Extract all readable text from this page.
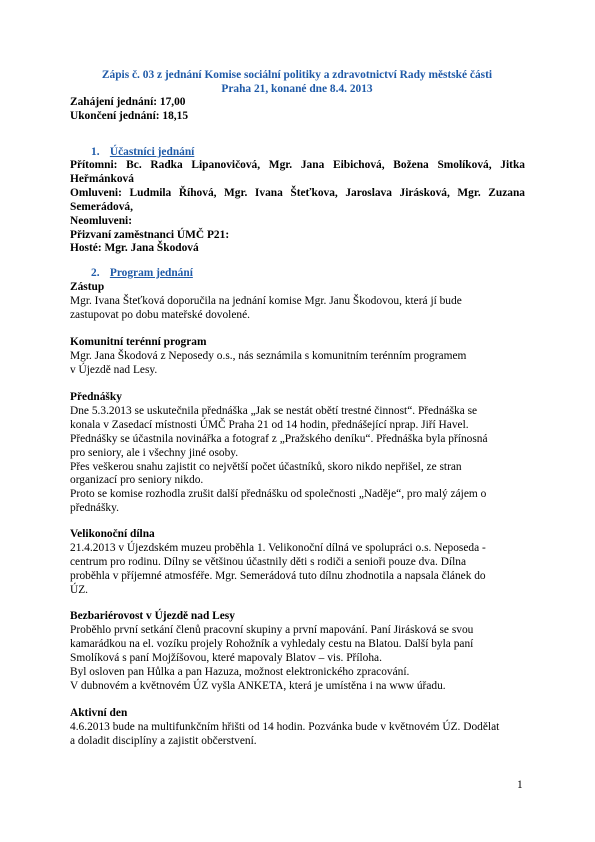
Zápis č. 03 z jednání Komise sociální politiky a zdravotnictví Rady městské části
Praha 21, konané dne 8.4. 2013
Zahájení jednání: 17,00
Ukončení jednání: 18,15
1. Účastníci jednání
Přítomni: Bc. Radka Lipanovičová, Mgr. Jana Eibichová, Božena Smolíková, Jitka Heřmánková
Omluveni: Ludmila Říhová, Mgr. Ivana Šteťkova, Jaroslava Jirásková, Mgr. Zuzana Semerádová,
Neomluveni:
Přizvaní zaměstnanci ÚMČ P21:
Hosté: Mgr. Jana Škodová
2. Program jednání
Zástup
Mgr. Ivana Šteťková doporučila na jednání komise Mgr. Janu Škodovou, která jí bude
zastupovat po dobu mateřské dovolené.
Komunitní terénní program
Mgr. Jana Škodová z Neposedy o.s., nás seznámila s komunitním terénním programem
v Újezdě nad Lesy.
Přednášky
Dne 5.3.2013 se uskutečnila přednáška „Jak se nestát obětí trestné činnost“. Přednáška se
konala v Zasedací místnosti ÚMČ Praha 21 od 14 hodin, přednášející nprap. Jiří Havel.
Přednášky se účastnila novinářka a fotograf z „Pražského deníku“. Přednáška byla přínosná
pro seniory, ale i všechny jiné osoby.
Přes veškerou snahu zajistit co největší počet účastníků, skoro nikdo nepřišel, ze stran
organizací pro seniory nikdo.
Proto se komise rozhodla zrušit další přednášku od společnosti „Naděje“, pro malý zájem o
přednášky.
Velikonoční dílna
21.4.2013 v Újezdském muzeu proběhla 1. Velikonoční dílná ve spolupráci o.s. Neposeda -
centrum pro rodinu. Dílny se většinou účastnily děti s rodiči a senioři pouze dva. Dílna
proběhla v příjemné atmosféře. Mgr. Semerádová tuto dílnu zhodnotila a napsala článek do
ÚZ.
Bezbariérovost v Újezdě nad Lesy
Proběhlo první setkání členů pracovní skupiny a první mapování. Paní Jirásková se svou
kamarádkou na el. vozíku projely Rohožník a vyhledaly cestu na Blatou. Další byla paní
Smolíková s paní Mojžíšovou, které mapovaly Blatov – vis. Příloha.
Byl osloven pan Hůlka a pan Hazuza, možnost elektronického zpracování.
V dubnovém a květnovém ÚZ vyšla ANKETA, která je umístěna i na www úřadu.
Aktivní den
4.6.2013 bude na multifunkčním hřišti od 14 hodin. Pozvánka bude v květnovém ÚZ. Dodělat
a doladit disciplíny a zajistit občerstvení.
1
